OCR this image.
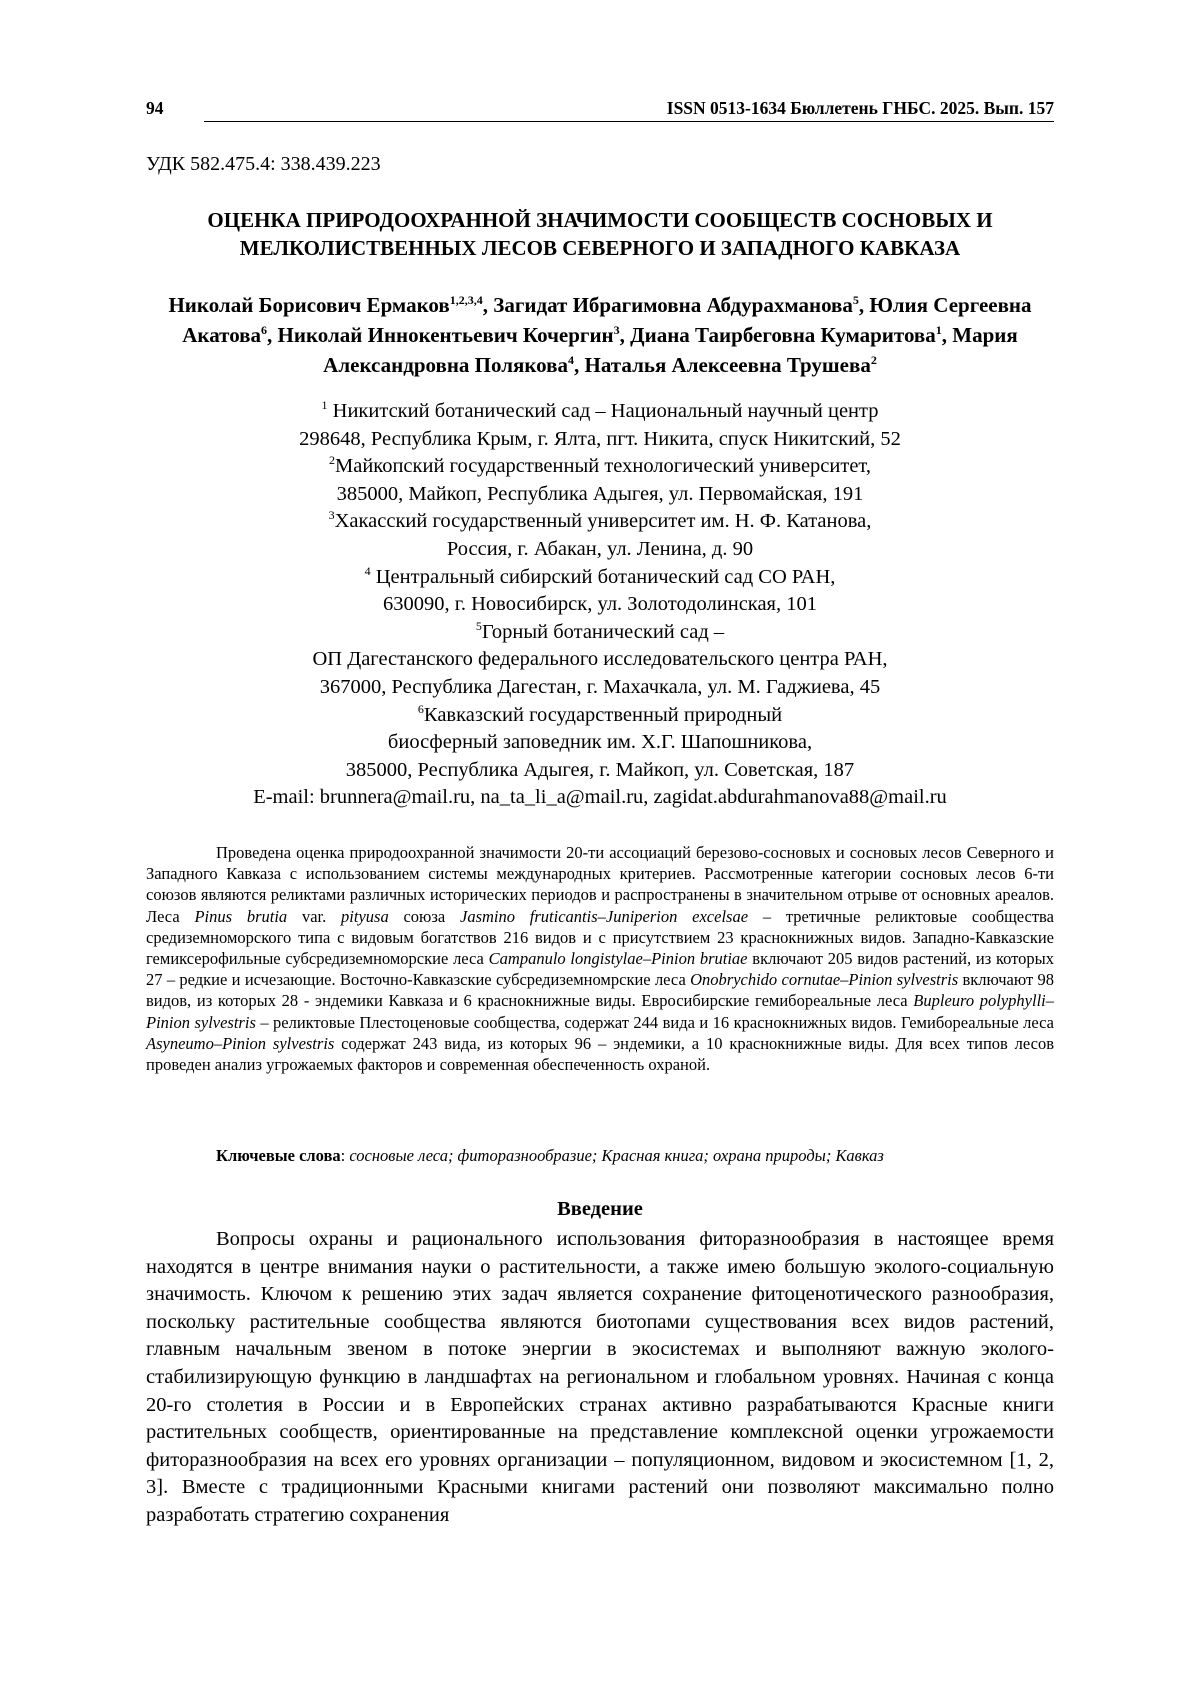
94	ISSN 0513-1634 Бюллетень ГНБС. 2025. Вып. 157
УДК 582.475.4: 338.439.223
ОЦЕНКА ПРИРОДООХРАННОЙ ЗНАЧИМОСТИ СООБЩЕСТВ СОСНОВЫХ И МЕЛКОЛИСТВЕННЫХ ЛЕСОВ СЕВЕРНОГО И ЗАПАДНОГО КАВКАЗА
Николай Борисович Ермаков$^{1,2,3,4}$, Загидат Ибрагимовна Абдурахманова$^5$, Юлия Сергеевна Акатова$^6$, Николай Иннокентьевич Кочергин$^3$, Диана Таирбеговна Кумаритова$^1$, Мария Александровна Полякова$^4$, Наталья Алексеевна Трушева$^2$
$^1$ Никитский ботанический сад – Национальный научный центр
298648, Республика Крым, г. Ялта, пгт. Никита, спуск Никитский, 52
$^2$Майкопский государственный технологический университет,
385000, Майкоп, Республика Адыгея, ул. Первомайская, 191
$^3$Хакасский государственный университет им. Н. Ф. Катанова,
Россия, г. Абакан, ул. Ленина, д. 90
$^4$ Центральный сибирский ботанический сад СО РАН,
630090, г. Новосибирск, ул. Золотодолинская, 101
$^5$Горный ботанический сад –
ОП Дагестанского федерального исследовательского центра РАН,
367000, Республика Дагестан, г. Махачкала, ул. М. Гаджиева, 45
$^6$Кавказский государственный природный
биосферный заповедник им. Х.Г. Шапошникова,
385000, Республика Адыгея, г. Майкоп, ул. Советская, 187
E-mail: brunnera@mail.ru, na_ta_li_a@mail.ru, zagidat.abdurahmanova88@mail.ru
Проведена оценка природоохранной значимости 20-ти ассоциаций березово-сосновых и сосновых лесов Северного и Западного Кавказа с использованием системы международных критериев. Рассмотренные категории сосновых лесов 6-ти союзов являются реликтами различных исторических периодов и распространены в значительном отрыве от основных ареалов. Леса Pinus brutia var. pityusa союза Jasmino fruticantis–Juniperion excelsae – третичные реликтовые сообщества средиземноморского типа с видовым богатствов 216 видов и с присутствием 23 краснокнижных видов. Западно-Кавказские гемиксерофильные субсредиземноморские леса Campanulo longistylae–Pinion brutiae включают 205 видов растений, из которых 27 – редкие и исчезающие. Восточно-Кавказские субсредиземномрские леса Onobrychido cornutae–Pinion sylvestris включают 98 видов, из которых 28 - эндемики Кавказа и 6 краснокнижные виды. Евросибирские гемибореальные леса Bupleuro polyphylli–Pinion sylvestris – реликтовые Плестоценовые сообщества, содержат 244 вида и 16 краснокнижных видов. Гемибореальные леса Asyneumo–Pinion sylvestris содержат 243 вида, из которых 96 – эндемики, а 10 краснокнижные виды. Для всех типов лесов проведен анализ угрожаемых факторов и современная обеспеченность охраной.
Ключевые слова: сосновые леса; фиторазнообразие; Красная книга; охрана природы; Кавказ
Введение
Вопросы охраны и рационального использования фиторазнообразия в настоящее время находятся в центре внимания науки о растительности, а также имею большую эколого-социальную значимость. Ключом к решению этих задач является сохранение фитоценотического разнообразия, поскольку растительные сообщества являются биотопами существования всех видов растений, главным начальным звеном в потоке энергии в экосистемах и выполняют важную эколого-стабилизирующую функцию в ландшафтах на региональном и глобальном уровнях. Начиная с конца 20-го столетия в России и в Европейских странах активно разрабатываются Красные книги растительных сообществ, ориентированные на представление комплексной оценки угрожаемости фиторазнообразия на всех его уровнях организации – популяционном, видовом и экосистемном [1, 2, 3]. Вместе с традиционными Красными книгами растений они позволяют максимально полно разработать стратегию сохранения
